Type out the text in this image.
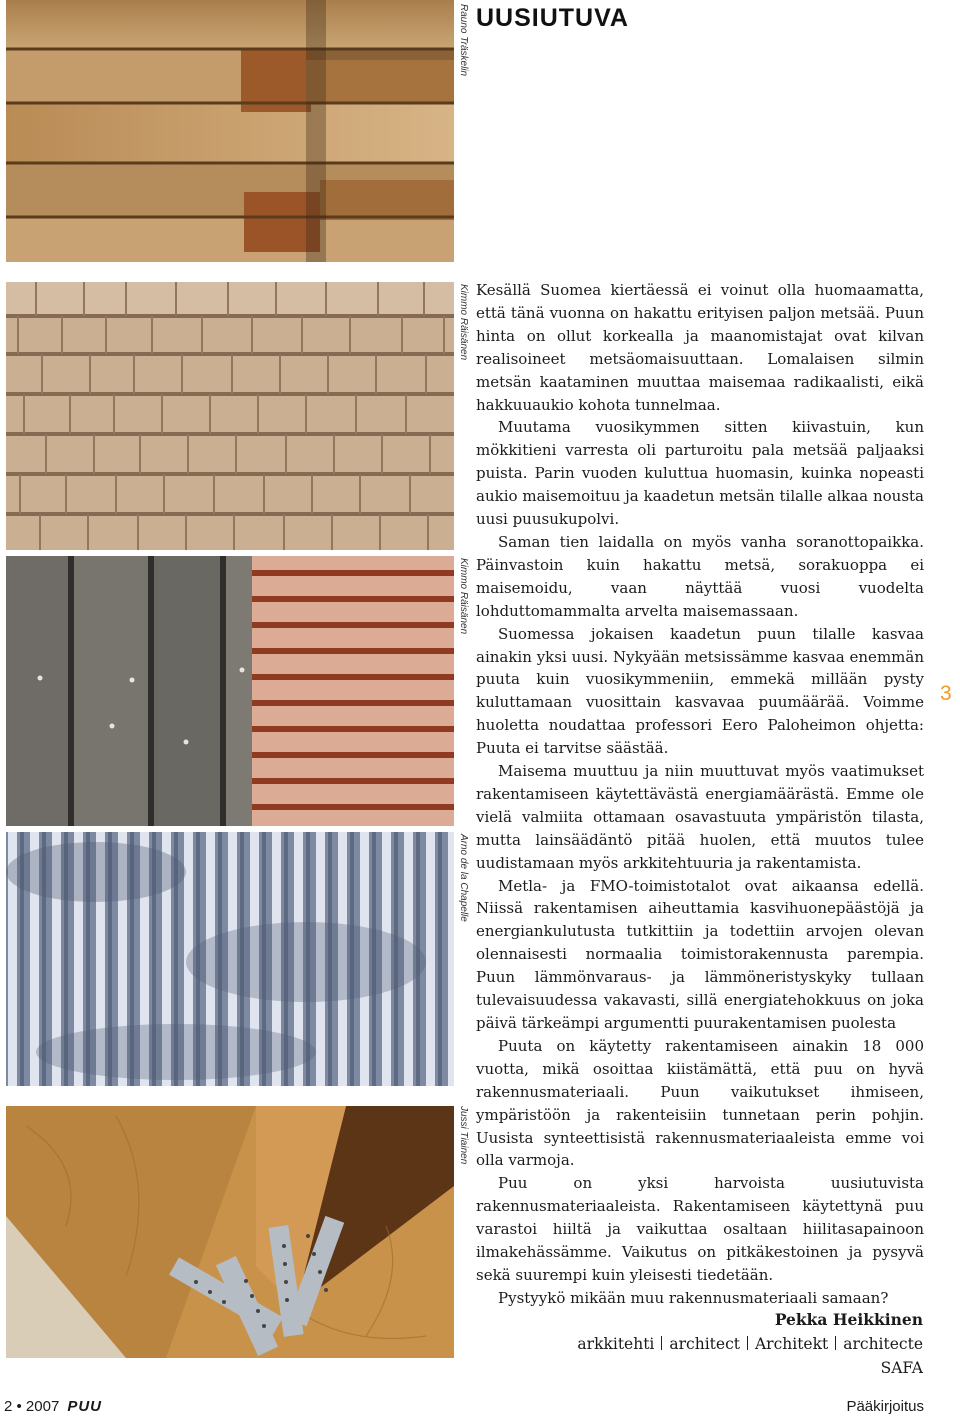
Rauno Träskelin
Kimmo Räisänen
Kimmo Räisänen
Arno de la Chapelle
Jussi Tiainen
UUSIUTUVA

Kesällä Suomea kiertäessä ei voinut olla huomaamatta, että tänä vuonna on hakattu erityisen paljon metsää. Puun hinta on ollut korkealla ja maanomistajat ovat kilvan realisoineet metsäomaisuuttaan. Lomalaisen silmin metsän kaataminen muuttaa maisemaa radikaalisti, eikä hakkuuaukio kohota tunnelmaa.

Muutama vuosikymmen sitten kiivastuin, kun mökkitieni varresta oli parturoitu pala metsää paljaaksi puista. Parin vuoden kuluttua huomasin, kuinka nopeasti aukio maisemoituu ja kaadetun metsän tilalle alkaa nousta uusi puusukupolvi.

Saman tien laidalla on myös vanha soranottopaikka. Päinvastoin kuin hakattu metsä, sorakuoppa ei maisemoidu, vaan näyttää vuosi vuodelta lohduttomammalta arvelta maisemassaan.

Suomessa jokaisen kaadetun puun tilalle kasvaa ainakin yksi uusi. Nykyään metsissämme kasvaa enemmän puuta kuin vuosikymmeniin, emmekä millään pysty kuluttamaan vuosittain kasvavaa puumäärää. Voimme huoletta noudattaa professori Eero Paloheimon ohjetta: Puuta ei tarvitse säästää.

Maisema muuttuu ja niin muuttuvat myös vaatimukset rakentamiseen käytettävästä energiamäärästä. Emme ole vielä valmiita ottamaan osavastuuta ympäristön tilasta, mutta lainsäädäntö pitää huolen, että muutos tulee uudistamaan myös arkkitehtuuria ja rakentamista.

Metla- ja FMO-toimistotalot ovat aikaansa edellä. Niissä rakentamisen aiheuttamia kasvihuonepäästöjä ja energiankulutusta tutkittiin ja todettiin arvojen olevan olennaisesti normaalia toimistorakennusta parempia. Puun lämmönvaraus- ja lämmöneristyskyky tullaan tulevaisuudessa vakavasti, sillä energiatehokkuus on joka päivä tärkeämpi argumentti puurakentamisen puolesta

Puuta on käytetty rakentamiseen ainakin 18 000 vuotta, mikä osoittaa kiistämättä, että puu on hyvä rakennusmateriaali. Puun vaikutukset ihmiseen, ympäristöön ja rakenteisiin tunnetaan perin pohjin. Uusista synteettisistä rakennusmateriaaleista emme voi olla varmoja.

Puu on yksi harvoista uusiutuvista rakennusmateriaaleista. Rakentamiseen käytettynä puu varastoi hiiltä ja vaikuttaa osaltaan hiilitasapainoon ilmakehässämme. Vaikutus on pitkäkestoinen ja pysyvä sekä suurempi kuin yleisesti tiedetään.

Pystyykö mikään muu rakennusmateriaali samaan?

Pekka Heikkinen
arkkitehti architect Architekt architecte
SAFA
3
2 • 2007 PUU	Pääkirjoitus
